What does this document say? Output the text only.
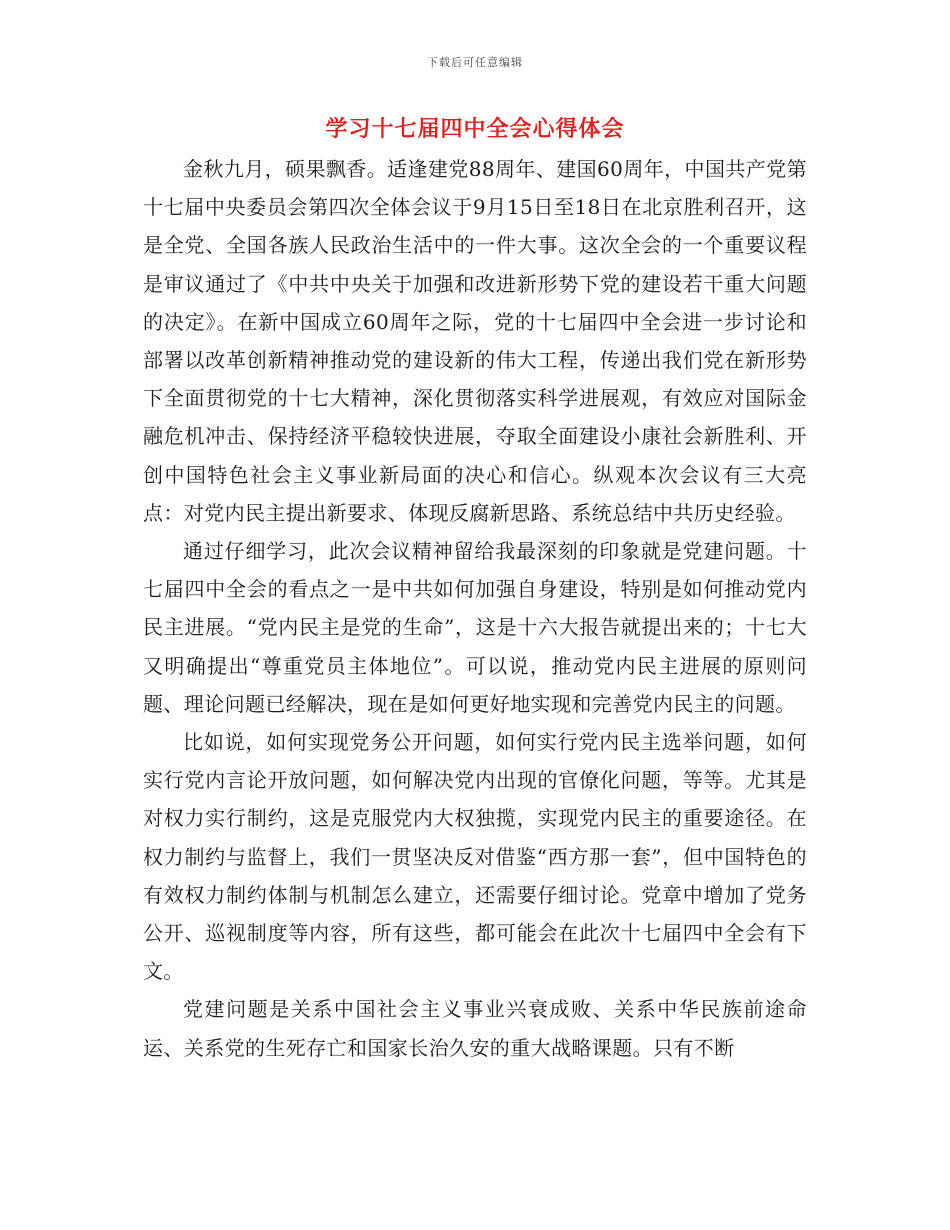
下载后可任意编辑
学习十七届四中全会心得体会

金秋九月，硕果飘香。适逢建党88周年、建国60周年，中国共产党第十七届中央委员会第四次全体会议于9月15日至18日在北京胜利召开，这是全党、全国各族人民政治生活中的一件大事。这次全会的一个重要议程是审议通过了《中共中央关于加强和改进新形势下党的建设若干重大问题的决定》。在新中国成立60周年之际，党的十七届四中全会进一步讨论和部署以改革创新精神推动党的建设新的伟大工程，传递出我们党在新形势下全面贯彻党的十七大精神，深化贯彻落实科学进展观，有效应对国际金融危机冲击、保持经济平稳较快进展，夺取全面建设小康社会新胜利、开创中国特色社会主义事业新局面的决心和信心。纵观本次会议有三大亮点：对党内民主提出新要求、体现反腐新思路、系统总结中共历史经验。

通过仔细学习，此次会议精神留给我最深刻的印象就是党建问题。十七届四中全会的看点之一是中共如何加强自身建设，特别是如何推动党内民主进展。“党内民主是党的生命”，这是十六大报告就提出来的；十七大又明确提出“尊重党员主体地位”。可以说，推动党内民主进展的原则问题、理论问题已经解决，现在是如何更好地实现和完善党内民主的问题。

比如说，如何实现党务公开问题，如何实行党内民主选举问题，如何实行党内言论开放问题，如何解决党内出现的官僚化问题，等等。尤其是对权力实行制约，这是克服党内大权独揽，实现党内民主的重要途径。在权力制约与监督上，我们一贯坚决反对借鉴“西方那一套”，但中国特色的有效权力制约体制与机制怎么建立，还需要仔细讨论。党章中增加了党务公开、巡视制度等内容，所有这些，都可能会在此次十七届四中全会有下文。

党建问题是关系中国社会主义事业兴衰成败、关系中华民族前途命运、关系党的生死存亡和国家长治久安的重大战略课题。只有不断
